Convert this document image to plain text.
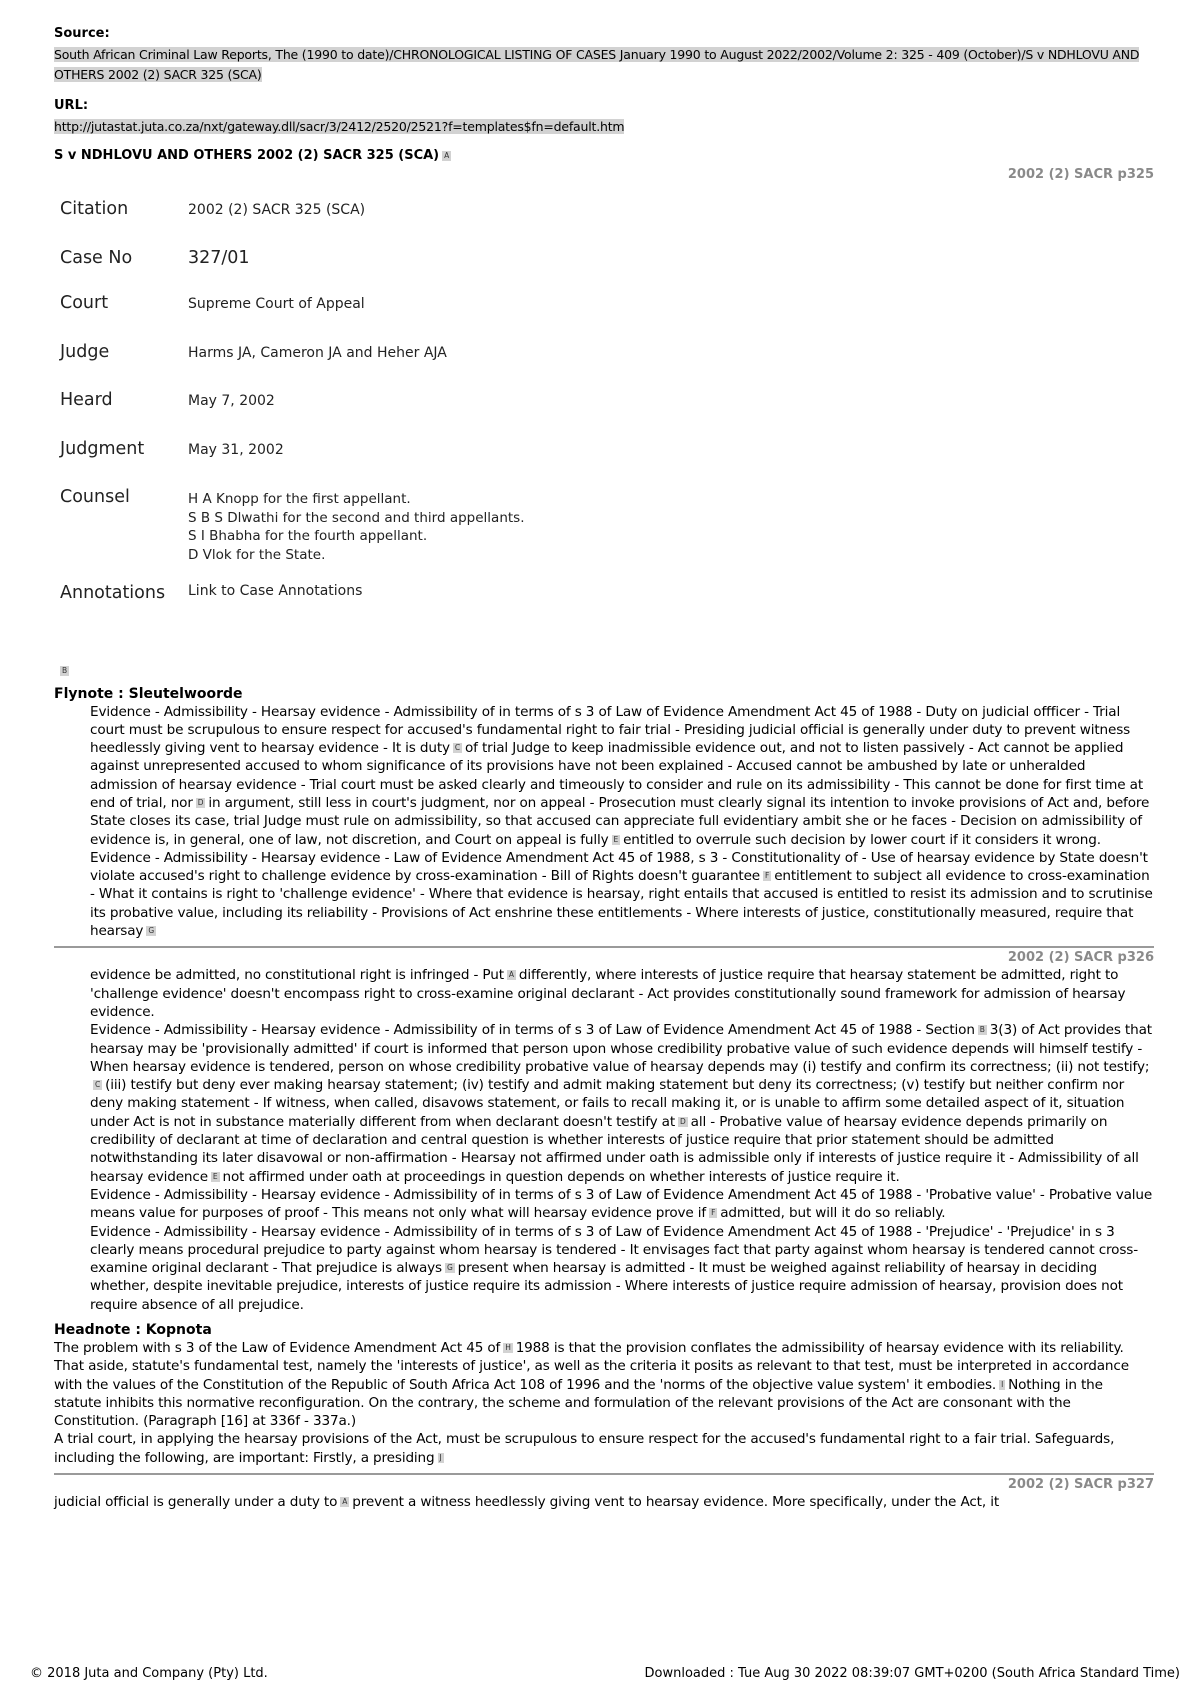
Source:
South African Criminal Law Reports, The (1990 to date)/CHRONOLOGICAL LISTING OF CASES January 1990 to August 2022/2002/Volume 2: 325 - 409 (October)/S v NDHLOVU AND OTHERS 2002 (2) SACR 325 (SCA)
URL:
http://jutastat.juta.co.za/nxt/gateway.dll/sacr/3/2412/2520/2521?f=templates$fn=default.htm
S v NDHLOVU AND OTHERS 2002 (2) SACR 325 (SCA) A
2002 (2) SACR p325
Citation	2002 (2) SACR 325 (SCA)
Case No	327/01
Court	Supreme Court of Appeal
Judge	Harms JA, Cameron JA and Heher AJA
Heard	May 7, 2002
Judgment	May 31, 2002
Counsel	H A Knopp for the first appellant.
S B S Dlwathi for the second and third appellants.
S I Bhabha for the fourth appellant.
D Vlok for the State.

Annotations	Link to Case Annotations
B
Flynote : Sleutelwoorde
Evidence - Admissibility - Hearsay evidence - Admissibility of in terms of s 3 of Law of Evidence Amendment Act 45 of 1988 - Duty on judicial offficer - Trial court must be scrupulous to ensure respect for accused's fundamental right to fair trial - Presiding judicial official is generally under duty to prevent witness heedlessly giving vent to hearsay evidence - It is duty C of trial Judge to keep inadmissible evidence out, and not to listen passively - Act cannot be applied against unrepresented accused to whom significance of its provisions have not been explained - Accused cannot be ambushed by late or unheralded admission of hearsay evidence - Trial court must be asked clearly and timeously to consider and rule on its admissibility - This cannot be done for first time at end of trial, nor D in argument, still less in court's judgment, nor on appeal - Prosecution must clearly signal its intention to invoke provisions of Act and, before State closes its case, trial Judge must rule on admissibility, so that accused can appreciate full evidentiary ambit she or he faces - Decision on admissibility of evidence is, in general, one of law, not discretion, and Court on appeal is fully E entitled to overrule such decision by lower court if it considers it wrong.
Evidence - Admissibility - Hearsay evidence - Law of Evidence Amendment Act 45 of 1988, s 3 - Constitutionality of - Use of hearsay evidence by State doesn't violate accused's right to challenge evidence by cross-examination - Bill of Rights doesn't guarantee F entitlement to subject all evidence to cross-examination - What it contains is right to 'challenge evidence' - Where that evidence is hearsay, right entails that accused is entitled to resist its admission and to scrutinise its probative value, including its reliability - Provisions of Act enshrine these entitlements - Where interests of justice, constitutionally measured, require that hearsay G
2002 (2) SACR p326
evidence be admitted, no constitutional right is infringed - Put A differently, where interests of justice require that hearsay statement be admitted, right to 'challenge evidence' doesn't encompass right to cross-examine original declarant - Act provides constitutionally sound framework for admission of hearsay evidence.
Evidence - Admissibility - Hearsay evidence - Admissibility of in terms of s 3 of Law of Evidence Amendment Act 45 of 1988 - Section B 3(3) of Act provides that hearsay may be 'provisionally admitted' if court is informed that person upon whose credibility probative value of such evidence depends will himself testify - When hearsay evidence is tendered, person on whose credibility probative value of hearsay depends may (i) testify and confirm its correctness; (ii) not testify;C (iii) testify but deny ever making hearsay statement; (iv) testify and admit making statement but deny its correctness; (v) testify but neither confirm nor deny making statement - If witness, when called, disavows statement, or fails to recall making it, or is unable to affirm some detailed aspect of it, situation under Act is not in substance materially different from when declarant doesn't testify at D all - Probative value of hearsay evidence depends primarily on credibility of declarant at time of declaration and central question is whether interests of justice require that prior statement should be admitted notwithstanding its later disavowal or non-affirmation - Hearsay not affirmed under oath is admissible only if interests of justice require it - Admissibility of all hearsay evidence E not affirmed under oath at proceedings in question depends on whether interests of justice require it.
Evidence - Admissibility - Hearsay evidence - Admissibility of in terms of s 3 of Law of Evidence Amendment Act 45 of 1988 - 'Probative value' - Probative value means value for purposes of proof - This means not only what will hearsay evidence prove if F admitted, but will it do so reliably.
Evidence - Admissibility - Hearsay evidence - Admissibility of in terms of s 3 of Law of Evidence Amendment Act 45 of 1988 - 'Prejudice' - 'Prejudice' in s 3 clearly means procedural prejudice to party against whom hearsay is tendered - It envisages fact that party against whom hearsay is tendered cannot cross-examine original declarant - That prejudice is always G present when hearsay is admitted - It must be weighed against reliability of hearsay in deciding whether, despite inevitable prejudice, interests of justice require its admission - Where interests of justice require admission of hearsay, provision does not require absence of all prejudice.
Headnote : Kopnota
The problem with s 3 of the Law of Evidence Amendment Act 45 of H 1988 is that the provision conflates the admissibility of hearsay evidence with its reliability. That aside, statute's fundamental test, namely the 'interests of justice', as well as the criteria it posits as relevant to that test, must be interpreted in accordance with the values of the Constitution of the Republic of South Africa Act 108 of 1996 and the 'norms of the objective value system' it embodies. I Nothing in the statute inhibits this normative reconfiguration. On the contrary, the scheme and formulation of the relevant provisions of the Act are consonant with the Constitution. (Paragraph [16] at 336f - 337a.)
A trial court, in applying the hearsay provisions of the Act, must be scrupulous to ensure respect for the accused's fundamental right to a fair trial. Safeguards, including the following, are important: Firstly, a presiding J
2002 (2) SACR p327
judicial official is generally under a duty to A prevent a witness heedlessly giving vent to hearsay evidence. More specifically, under the Act, it
© 2018 Juta and Company (Pty) Ltd.	Downloaded : Tue Aug 30 2022 08:39:07 GMT+0200 (South Africa Standard Time)
